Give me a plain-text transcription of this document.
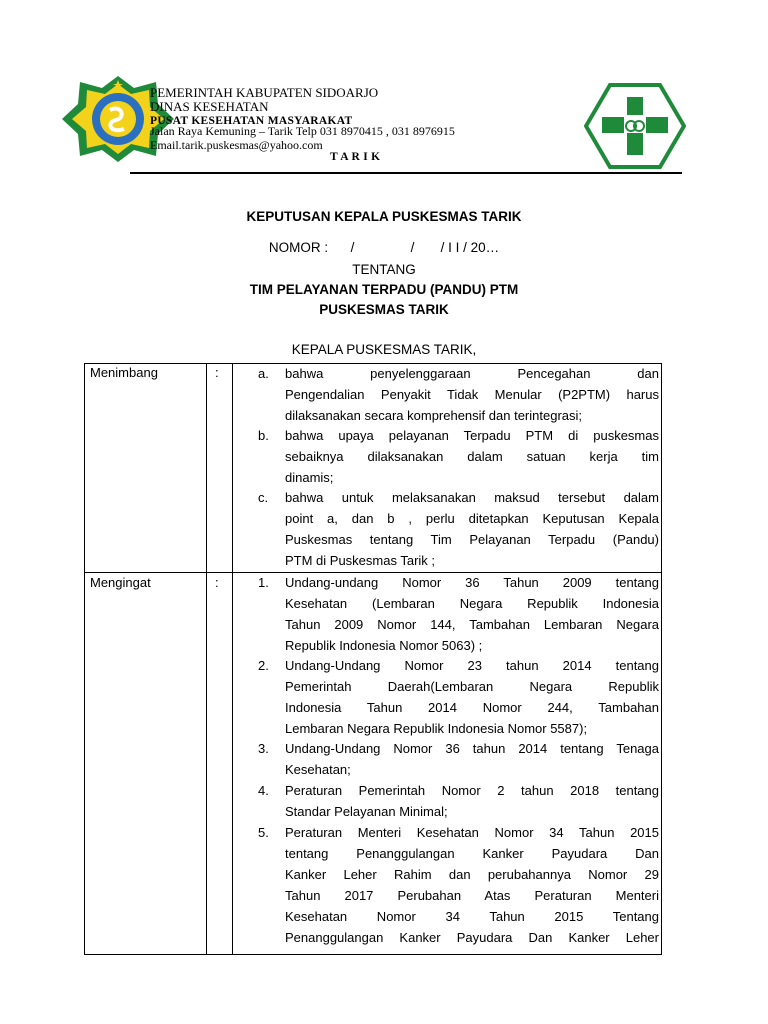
PEMERINTAH KABUPATEN SIDOARJO
DINAS KESEHATAN
PUSAT KESEHATAN MASYARAKAT
Jalan Raya Kemuning – Tarik Telp 031 8970415 , 031 8976915
Email.tarik.puskesmas@yahoo.com
T A R I K
KEPUTUSAN KEPALA PUSKESMAS TARIK
NOMOR :      /               /       / I I / 20…
TENTANG
TIM PELAYANAN TERPADU (PANDU) PTM
PUSKESMAS TARIK
KEPALA PUSKESMAS TARIK,
Menimbang	:	a. bahwa penyelenggaraan Pencegahan dan
Pengendalian Penyakit Tidak Menular (P2PTM) harus
dilaksanakan secara komprehensif dan terintegrasi;
b. bahwa upaya pelayanan Terpadu PTM di puskesmas
sebaiknya dilaksanakan dalam satuan kerja tim
dinamis;
c. bahwa untuk melaksanakan maksud tersebut dalam
point a, dan b , perlu ditetapkan Keputusan Kepala
Puskesmas tentang Tim Pelayanan Terpadu (Pandu)
PTM di Puskesmas Tarik ;
Mengingat	:	1. Undang-undang Nomor 36 Tahun 2009 tentang
Kesehatan (Lembaran Negara Republik Indonesia
Tahun 2009 Nomor 144, Tambahan Lembaran Negara
Republik Indonesia Nomor 5063) ;
2. Undang-Undang Nomor 23 tahun 2014 tentang
Pemerintah Daerah(Lembaran Negara Republik
Indonesia Tahun 2014 Nomor 244, Tambahan
Lembaran Negara Republik Indonesia Nomor 5587);
3. Undang-Undang Nomor 36 tahun 2014 tentang Tenaga
Kesehatan;
4. Peraturan Pemerintah Nomor 2 tahun 2018 tentang
Standar Pelayanan Minimal;
5. Peraturan Menteri Kesehatan Nomor 34 Tahun 2015
tentang Penanggulangan Kanker Payudara Dan
Kanker Leher Rahim dan perubahannya Nomor 29
Tahun 2017 Perubahan Atas Peraturan Menteri
Kesehatan Nomor 34 Tahun 2015 Tentang
Penanggulangan Kanker Payudara Dan Kanker Leher
